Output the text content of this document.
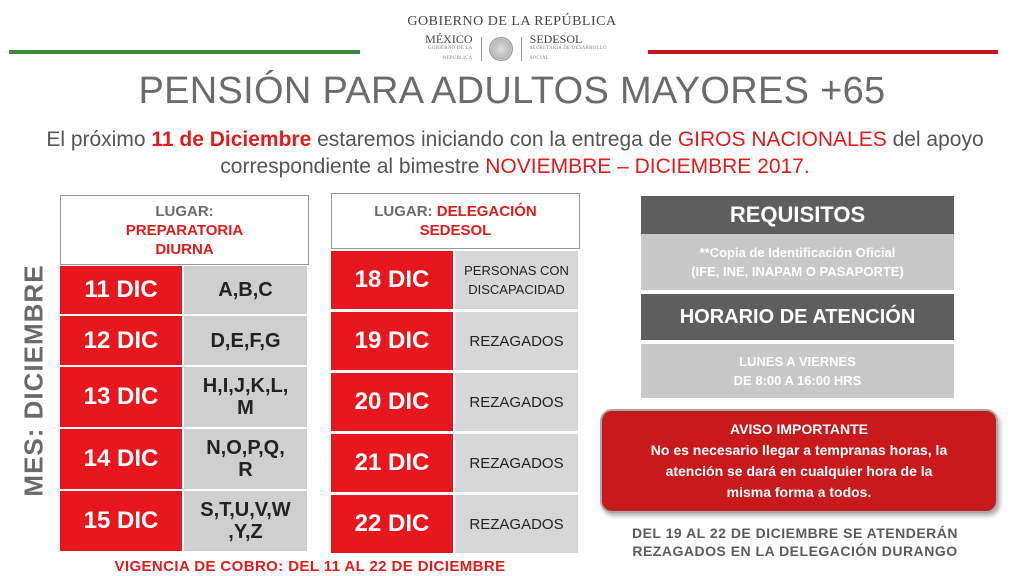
GOBIERNO DE LA REPÚBLICA
MÉXICO
GOBIERNO DE LA REPÚBLICA
SEDESOL
SECRETARÍA DE DESARROLLO SOCIAL
PENSIÓN PARA ADULTOS MAYORES +65
El próximo 11 de Diciembre estaremos iniciando con la entrega de GIROS NACIONALES del apoyo correspondiente al bimestre NOVIEMBRE – DICIEMBRE 2017.
MES: DICIEMBRE
LUGAR:
PREPARATORIA
DIURNA
11 DIC	A,B,C
12 DIC	D,E,F,G
13 DIC	H,I,J,K,L,
M
14 DIC	N,O,P,Q,
R
15 DIC	S,T,U,V,W
,Y,Z
LUGAR: DELEGACIÓN
SEDESOL
18 DIC	PERSONAS CON
DISCAPACIDAD
19 DIC	REZAGADOS
20 DIC	REZAGADOS
21 DIC	REZAGADOS
22 DIC	REZAGADOS
REQUISITOS
**Copia de Identificación Oficial
(IFE, INE, INAPAM O PASAPORTE)
HORARIO DE ATENCIÓN
LUNES A VIERNES
DE 8:00 A 16:00 HRS
AVISO IMPORTANTE
No es necesario llegar a tempranas horas, la
atención se dará en cualquier hora de la
misma forma a todos.
DEL 19 AL 22 DE DICIEMBRE SE ATENDERÁN
REZAGADOS EN LA DELEGACIÓN DURANGO
VIGENCIA DE COBRO: DEL 11 AL 22 DE DICIEMBRE
